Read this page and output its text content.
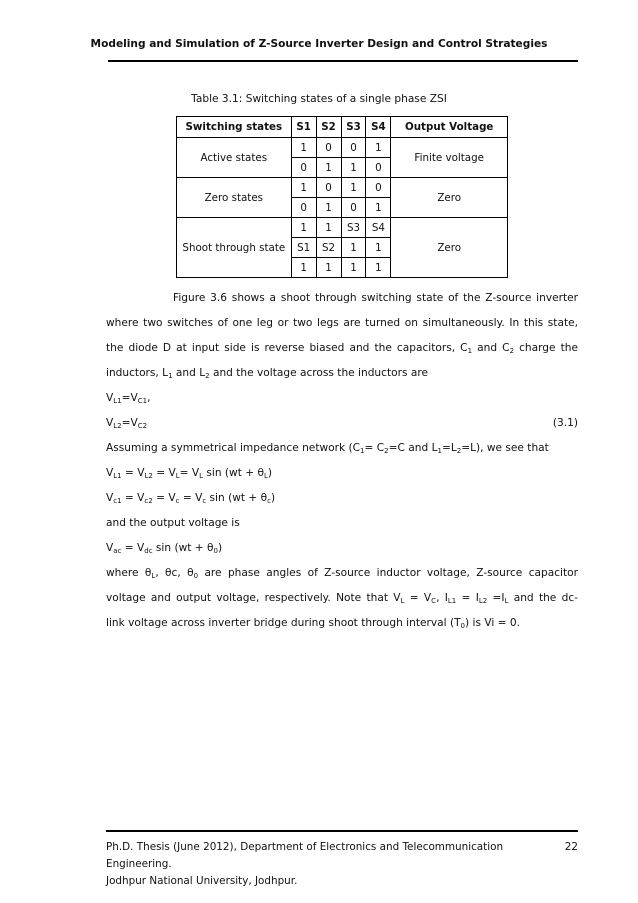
Modeling and Simulation of Z-Source Inverter Design and Control Strategies
Table 3.1: Switching states of a single phase ZSI
Switching states	S1	S2	S3	S4	Output Voltage
Active states	1	0	0	1	Finite voltage
	0	1	1	0	
Zero states	1	0	1	0	Zero
	0	1	0	1	
Shoot through state	1	1	S3	S4	Zero
	S1	S2	1	1	
	1	1	1	1	
Figure 3.6 shows a shoot through switching state of the Z-source inverter
where two switches of one leg or two legs are turned on simultaneously. In this state,
the diode D at input side is reverse biased and the capacitors, $C_1$ and $C_2$ charge the
inductors, $L_1$ and $L_2$ and the voltage across the inductors are
$V_{L1}=V_{C1}$,
$V_{L2}=V_{C2}$	(3.1)
Assuming a symmetrical impedance network ($C_1= C_2=C$ and $L_1=L_2=L$), we see that
$V_{L1} = V_{L2} = V_L= V_L$ $\sin (wt + \theta_L)$
$V_{c1} = V_{c2} = V_c = V_c$ $\sin (wt + \theta_c)$
and the output voltage is
$V_{ac} = V_{dc}$ $\sin (wt + \theta_0)$
where $\theta_L$, θc, $\theta_0$ are phase angles of Z-source inductor voltage, Z-source capacitor
voltage and output voltage, respectively. Note that $V_L = V_C$, $I_{L1} = I_{L2} =I_L$ and the dc-
link voltage across inverter bridge during shoot through interval $(T_0)$ is Vi = 0.
Ph.D. Thesis (June 2012), Department of Electronics and Telecommunication Engineering.
22
Jodhpur National University, Jodhpur.
